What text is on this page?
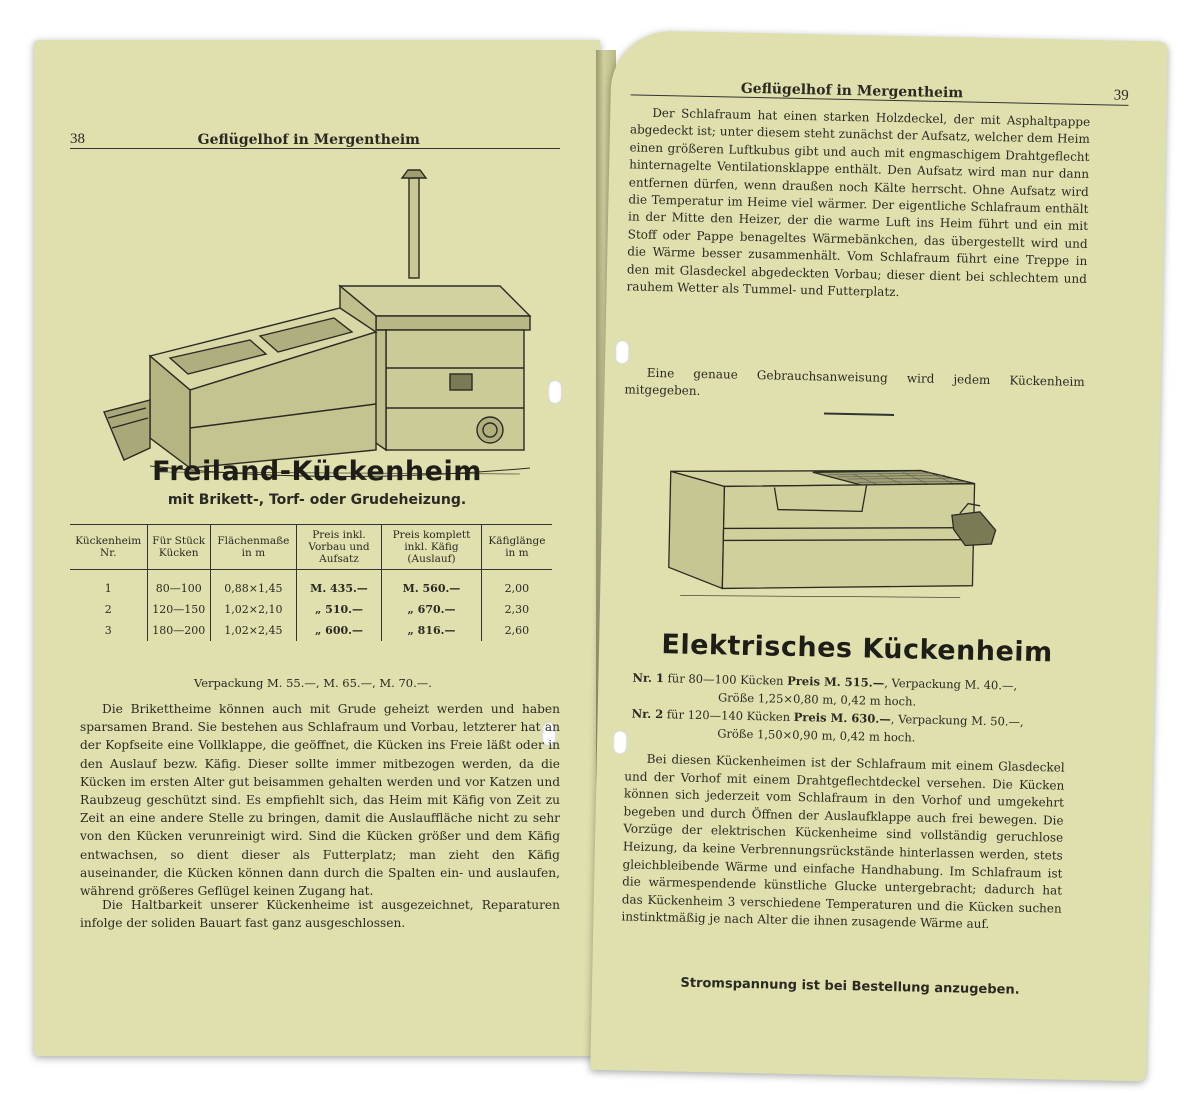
38	Geflügelhof in Mergentheim
Freiland-Kückenheim
mit Brikett-, Torf- oder Grudeheizung.
Kückenheim Nr.	Für Stück Kücken	Flächenmaße in m	Preis inkl. Vorbau und Aufsatz	Preis komplett inkl. Käfig (Auslauf)	Käfiglänge in m
1	80—100	0,88×1,45	M. 435.—	M. 560.—	2,00
2	120—150	1,02×2,10	„ 510.—	„ 670.—	2,30
3	180—200	1,02×2,45	„ 600.—	„ 816.—	2,60
Verpackung M. 55.—, M. 65.—, M. 70.—.

Die Brikettheime können auch mit Grude geheizt werden und haben sparsamen Brand. Sie bestehen aus Schlafraum und Vorbau, letzterer hat an der Kopfseite eine Vollklappe, die geöffnet, die Kücken ins Freie läßt oder in den Auslauf bezw. Käfig. Dieser sollte immer mitbezogen werden, da die Kücken im ersten Alter gut beisammen gehalten werden und vor Katzen und Raubzeug geschützt sind. Es empfiehlt sich, das Heim mit Käfig von Zeit zu Zeit an eine andere Stelle zu bringen, damit die Auslauffläche nicht zu sehr von den Kücken verunreinigt wird. Sind die Kücken größer und dem Käfig entwachsen, so dient dieser als Futterplatz; man zieht den Käfig auseinander, die Kücken können dann durch die Spalten ein- und auslaufen, während größeres Geflügel keinen Zugang hat.

Die Haltbarkeit unserer Kückenheime ist ausgezeichnet, Reparaturen infolge der soliden Bauart fast ganz ausgeschlossen.

Geflügelhof in Mergentheim	39

Der Schlafraum hat einen starken Holzdeckel, der mit Asphaltpappe abgedeckt ist; unter diesem steht zunächst der Aufsatz, welcher dem Heim einen größeren Luftkubus gibt und auch mit engmaschigem Drahtgeflecht hinternagelte Ventilationsklappe enthält. Den Aufsatz wird man nur dann entfernen dürfen, wenn draußen noch Kälte herrscht. Ohne Aufsatz wird die Temperatur im Heime viel wärmer. Der eigentliche Schlafraum enthält in der Mitte den Heizer, der die warme Luft ins Heim führt und ein mit Stoff oder Pappe benageltes Wärmebänkchen, das übergestellt wird und die Wärme besser zusammenhält. Vom Schlafraum führt eine Treppe in den mit Glasdeckel abgedeckten Vorbau; dieser dient bei schlechtem und rauhem Wetter als Tummel- und Futterplatz.

Eine genaue Gebrauchsanweisung wird jedem Kückenheim mitgegeben.

Elektrisches Kückenheim
Nr. 1 für 80—100 Kücken Preis M. 515.—, Verpackung M. 40.—,
Größe 1,25×0,80 m, 0,42 m hoch.
Nr. 2 für 120—140 Kücken Preis M. 630.—, Verpackung M. 50.—,
Größe 1,50×0,90 m, 0,42 m hoch.

Bei diesen Kückenheimen ist der Schlafraum mit einem Glasdeckel und der Vorhof mit einem Drahtgeflechtdeckel versehen. Die Kücken können sich jederzeit vom Schlafraum in den Vorhof und umgekehrt begeben und durch Öffnen der Auslaufklappe auch frei bewegen. Die Vorzüge der elektrischen Kückenheime sind vollständig geruchlose Heizung, da keine Verbrennungsrückstände hinterlassen werden, stets gleichbleibende Wärme und einfache Handhabung. Im Schlafraum ist die wärmespendende künstliche Glucke untergebracht; dadurch hat das Kückenheim 3 verschiedene Temperaturen und die Kücken suchen instinktmäßig je nach Alter die ihnen zusagende Wärme auf.

Stromspannung ist bei Bestellung anzugeben.
